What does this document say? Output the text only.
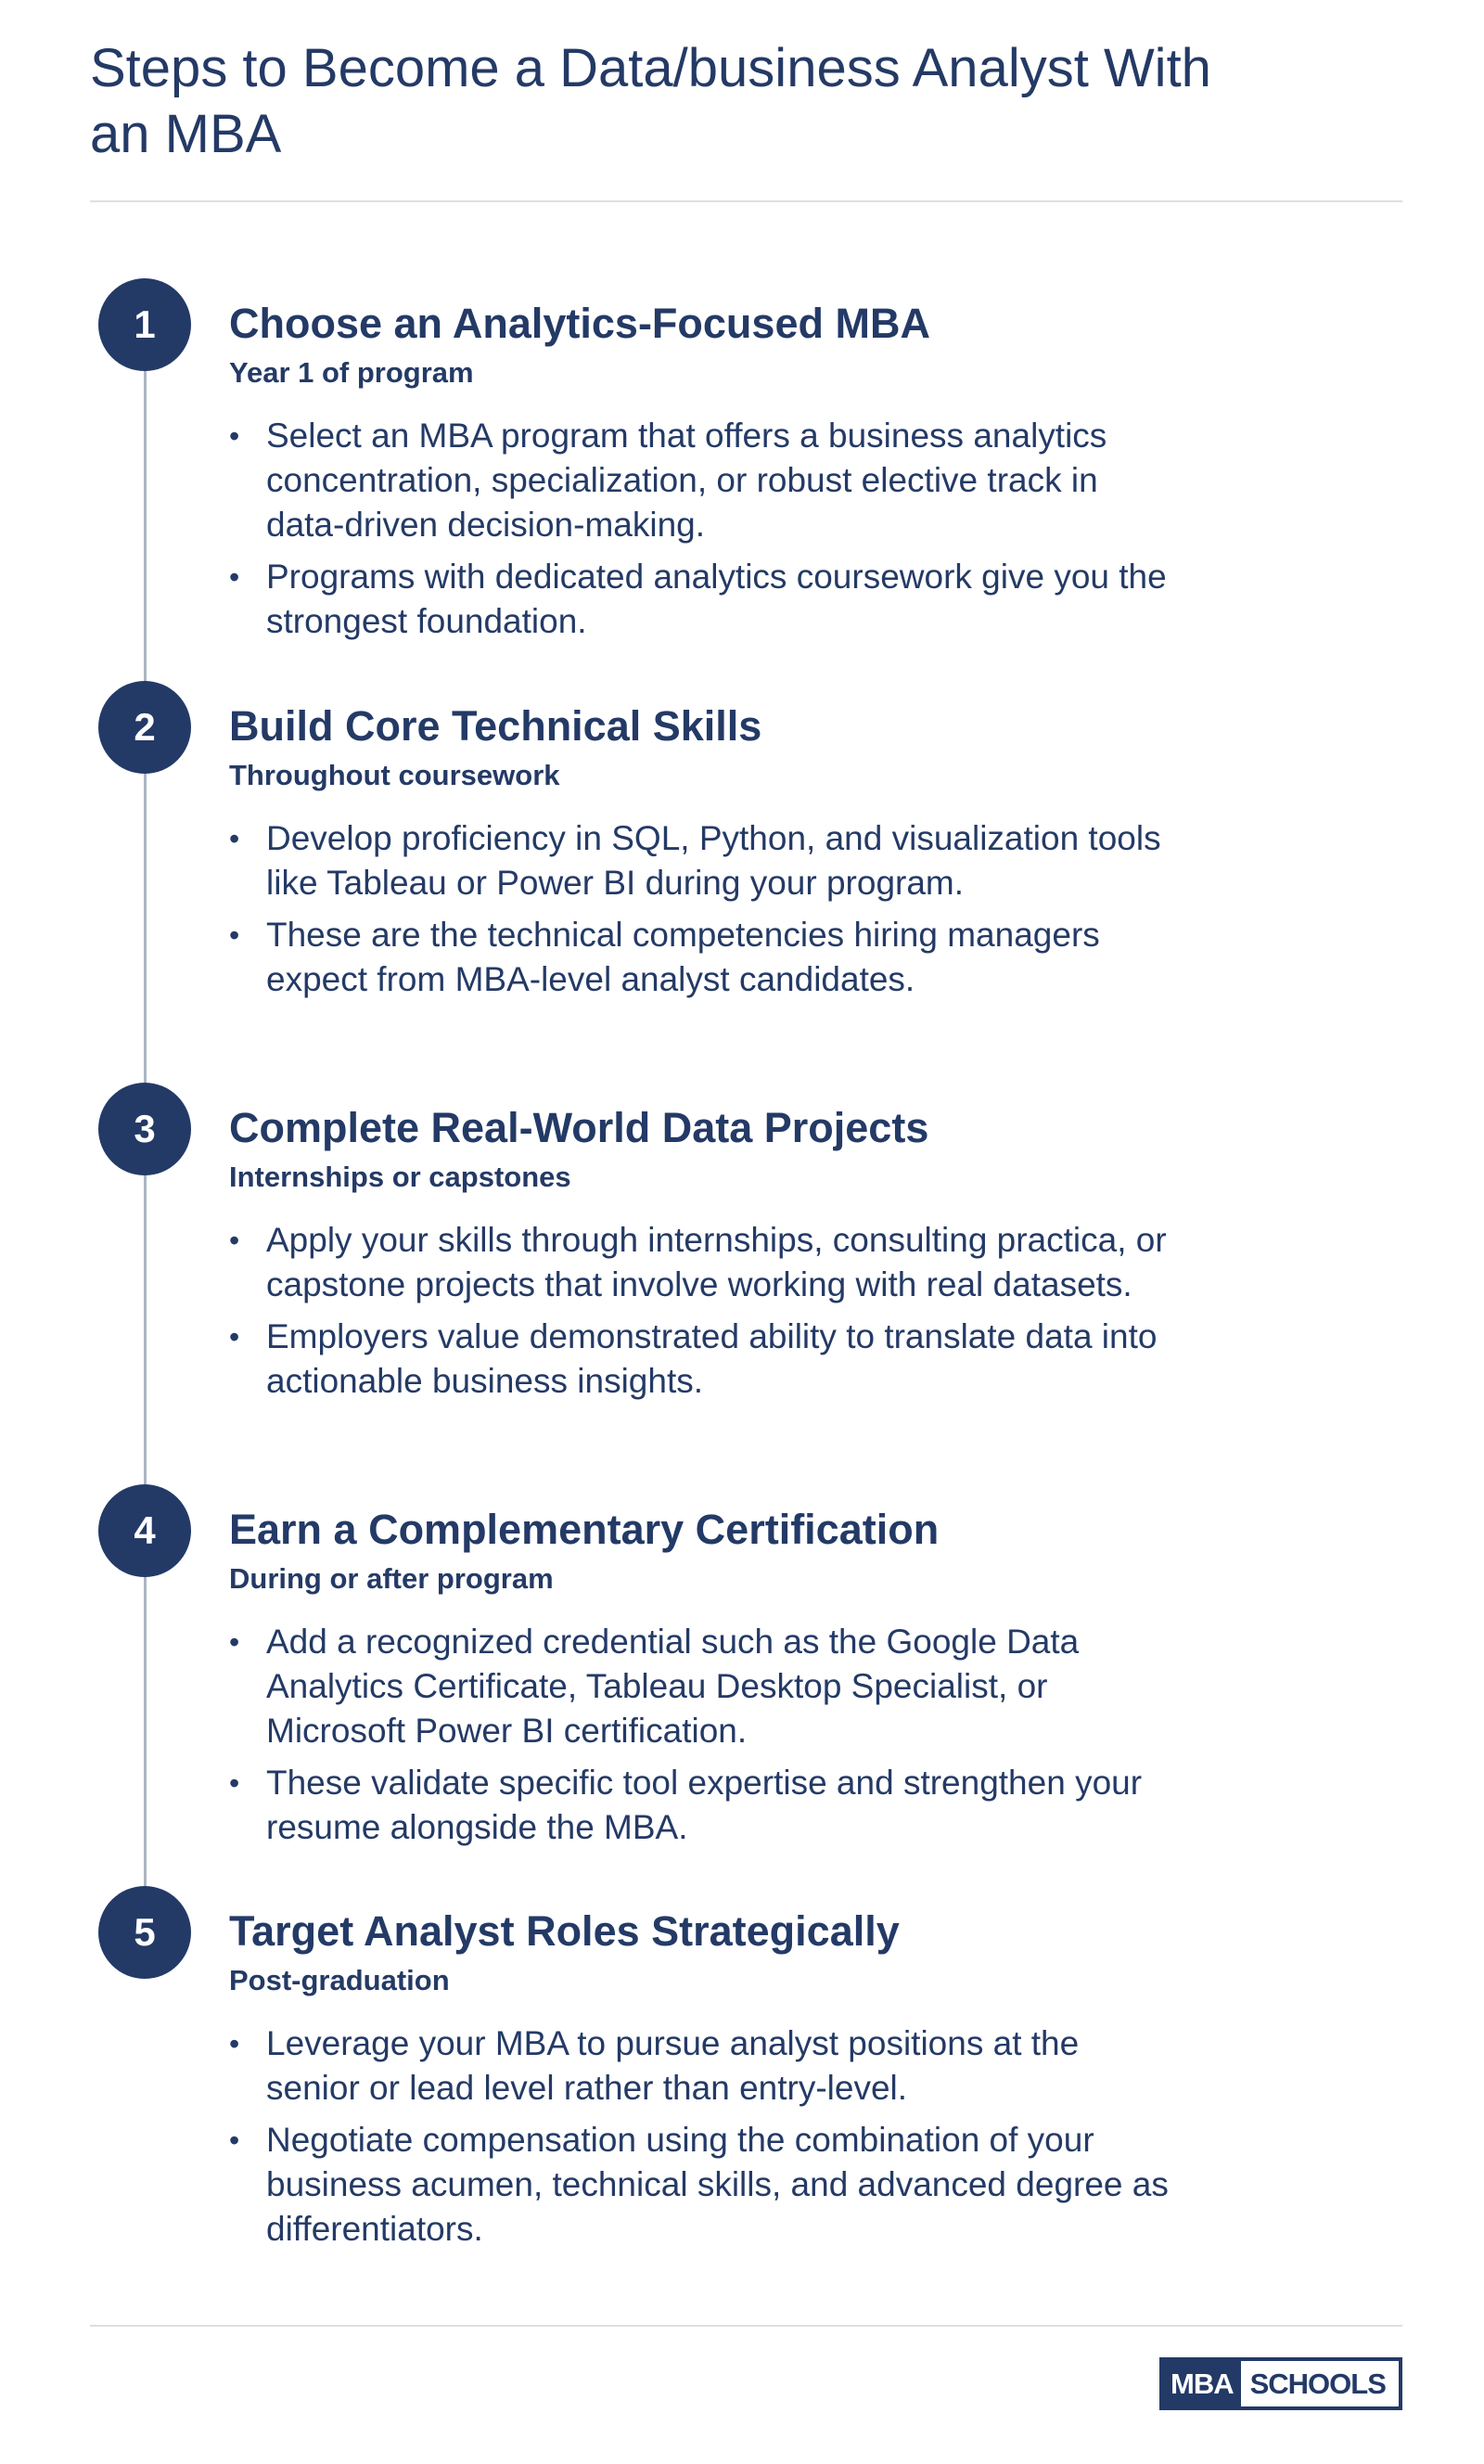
Steps to Become a Data/business Analyst With an MBA
1	Choose an Analytics-Focused MBA
Year 1 of program
• Select an MBA program that offers a business analytics concentration, specialization, or robust elective track in data-driven decision-making.
• Programs with dedicated analytics coursework give you the strongest foundation.
2	Build Core Technical Skills
Throughout coursework
• Develop proficiency in SQL, Python, and visualization tools like Tableau or Power BI during your program.
• These are the technical competencies hiring managers expect from MBA-level analyst candidates.
3	Complete Real-World Data Projects
Internships or capstones
• Apply your skills through internships, consulting practica, or capstone projects that involve working with real datasets.
• Employers value demonstrated ability to translate data into actionable business insights.
4	Earn a Complementary Certification
During or after program
• Add a recognized credential such as the Google Data Analytics Certificate, Tableau Desktop Specialist, or Microsoft Power BI certification.
• These validate specific tool expertise and strengthen your resume alongside the MBA.
5	Target Analyst Roles Strategically
Post-graduation
• Leverage your MBA to pursue analyst positions at the senior or lead level rather than entry-level.
• Negotiate compensation using the combination of your business acumen, technical skills, and advanced degree as differentiators.
MBA SCHOOLS
